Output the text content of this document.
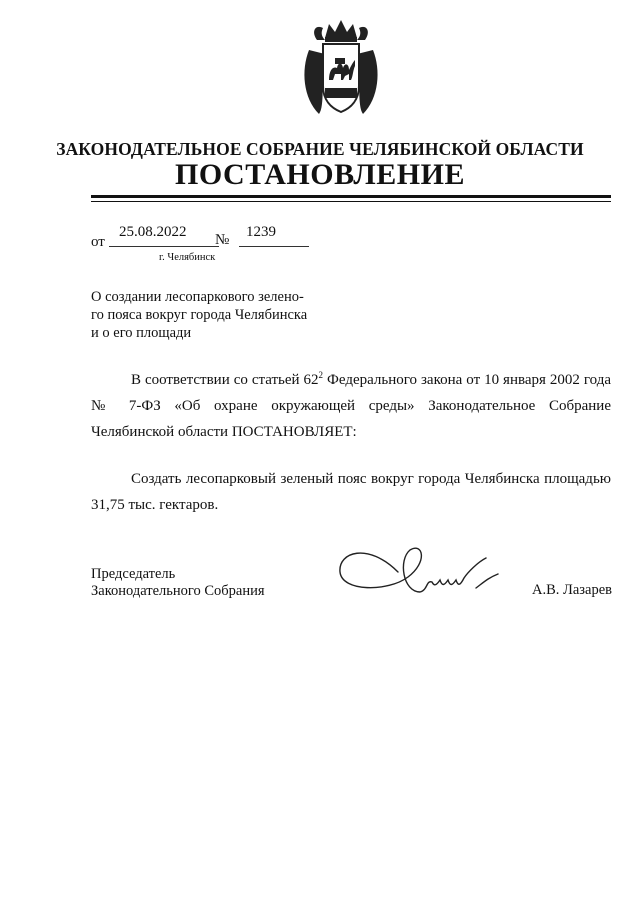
ЗАКОНОДАТЕЛЬНОЕ СОБРАНИЕ ЧЕЛЯБИНСКОЙ ОБЛАСТИ
ПОСТАНОВЛЕНИЕ
от
25.08.2022 № 1239
г. Челябинск
О создании лесопаркового зелено-
го пояса вокруг города Челябинска
и о его площади
В соответствии со статьей $62^2$ Федерального закона от 10 января 2002 года № 7-ФЗ «Об охране окружающей среды» Законодательное Собрание Челябинской области ПОСТАНОВЛЯЕТ:
Создать лесопарковый зеленый пояс вокруг города Челябинска площадью 31,75 тыс. гектаров.
Председатель
Законодательного Собрания	А.В. Лазарев
